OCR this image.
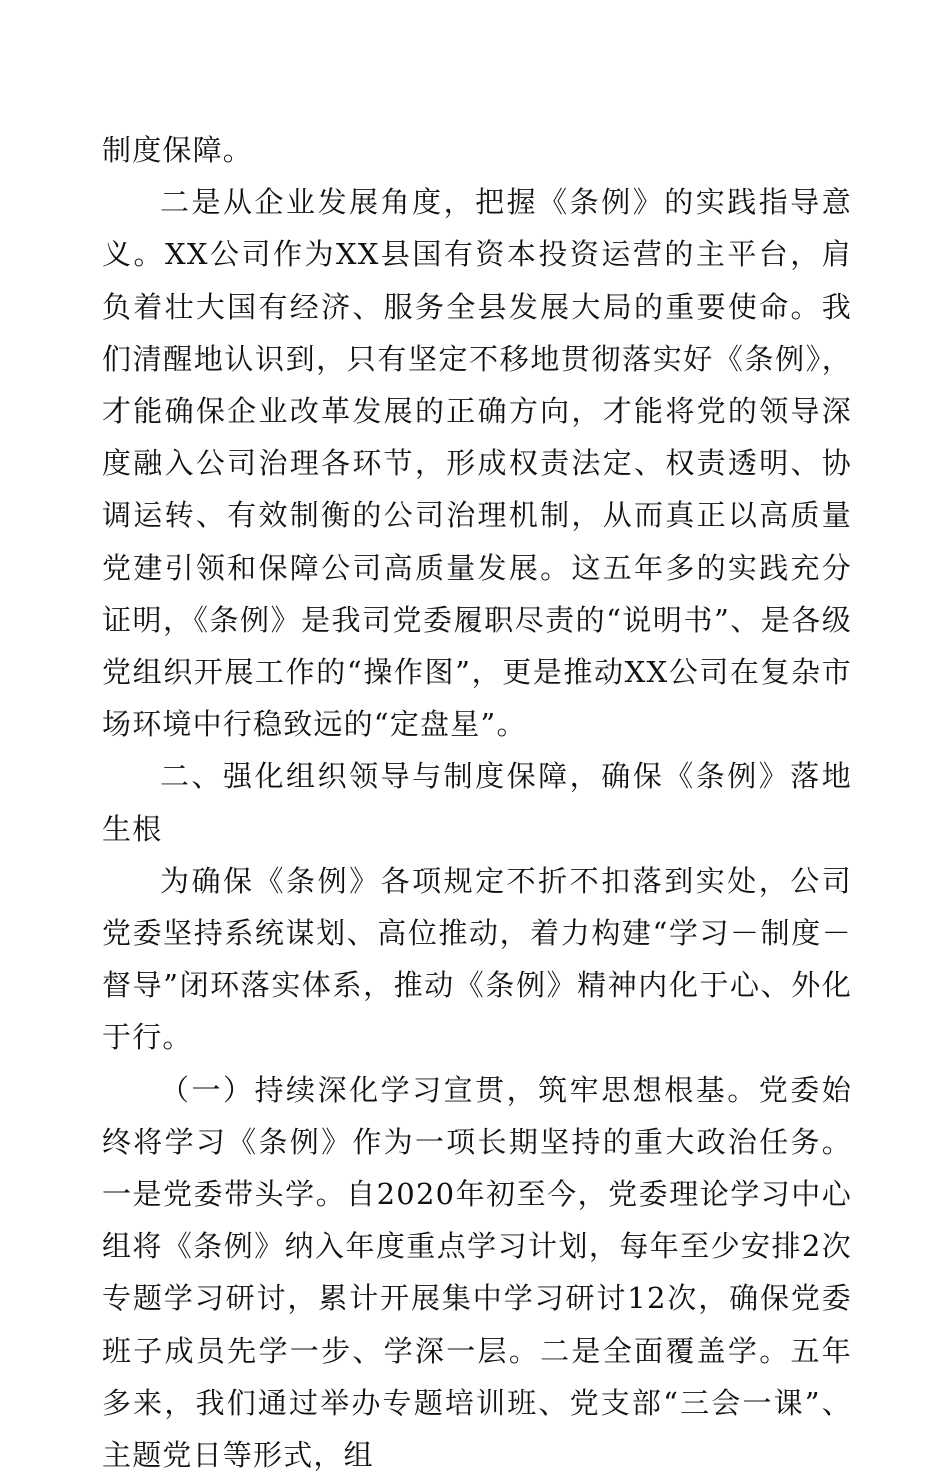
制度保障。

二是从企业发展角度，把握《条例》的实践指导意义。XX公司作为XX县国有资本投资运营的主平台，肩负着壮大国有经济、服务全县发展大局的重要使命。我们清醒地认识到，只有坚定不移地贯彻落实好《条例》，才能确保企业改革发展的正确方向，才能将党的领导深度融入公司治理各环节，形成权责法定、权责透明、协调运转、有效制衡的公司治理机制，从而真正以高质量党建引领和保障公司高质量发展。这五年多的实践充分证明，《条例》是我司党委履职尽责的“说明书”、是各级党组织开展工作的“操作图”，更是推动XX公司在复杂市场环境中行稳致远的“定盘星”。

二、强化组织领导与制度保障，确保《条例》落地生根

为确保《条例》各项规定不折不扣落到实处，公司党委坚持系统谋划、高位推动，着力构建“学习－制度－督导”闭环落实体系，推动《条例》精神内化于心、外化于行。

（一）持续深化学习宣贯，筑牢思想根基。党委始终将学习《条例》作为一项长期坚持的重大政治任务。一是党委带头学。自2020年初至今，党委理论学习中心组将《条例》纳入年度重点学习计划，每年至少安排2次专题学习研讨，累计开展集中学习研讨12次，确保党委班子成员先学一步、学深一层。二是全面覆盖学。五年多来，我们通过举办专题培训班、党支部“三会一课”、主题党日等形式，组
